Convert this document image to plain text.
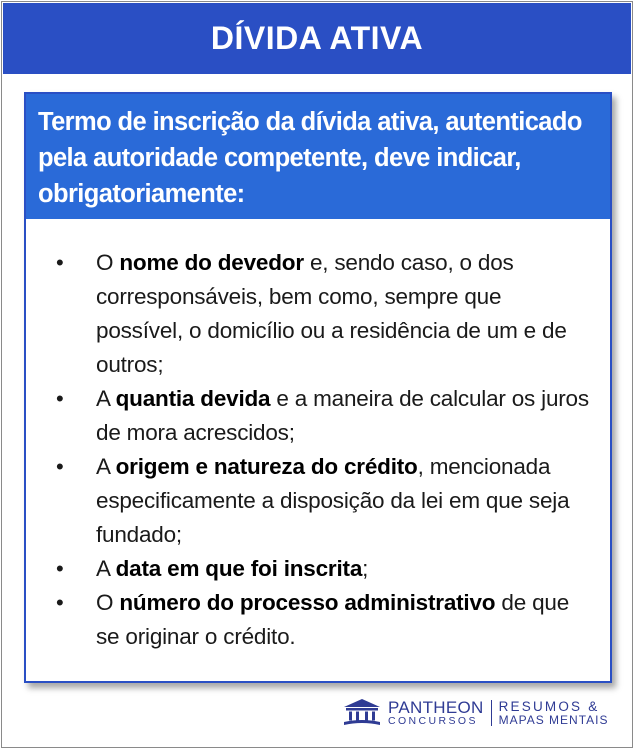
DÍVIDA ATIVA

Termo de inscrição da dívida ativa, autenticado pela autoridade competente, deve indicar, obrigatoriamente:

• O nome do devedor e, sendo caso, o dos corresponsáveis, bem como, sempre que possível, o domicílio ou a residência de um e de outros;
• A quantia devida e a maneira de calcular os juros de mora acrescidos;
• A origem e natureza do crédito, mencionada especificamente a disposição da lei em que seja fundado;
• A data em que foi inscrita;
• O número do processo administrativo de que se originar o crédito.
PANTHEON
CONCURSOS
RESUMOS &
MAPAS MENTAIS
